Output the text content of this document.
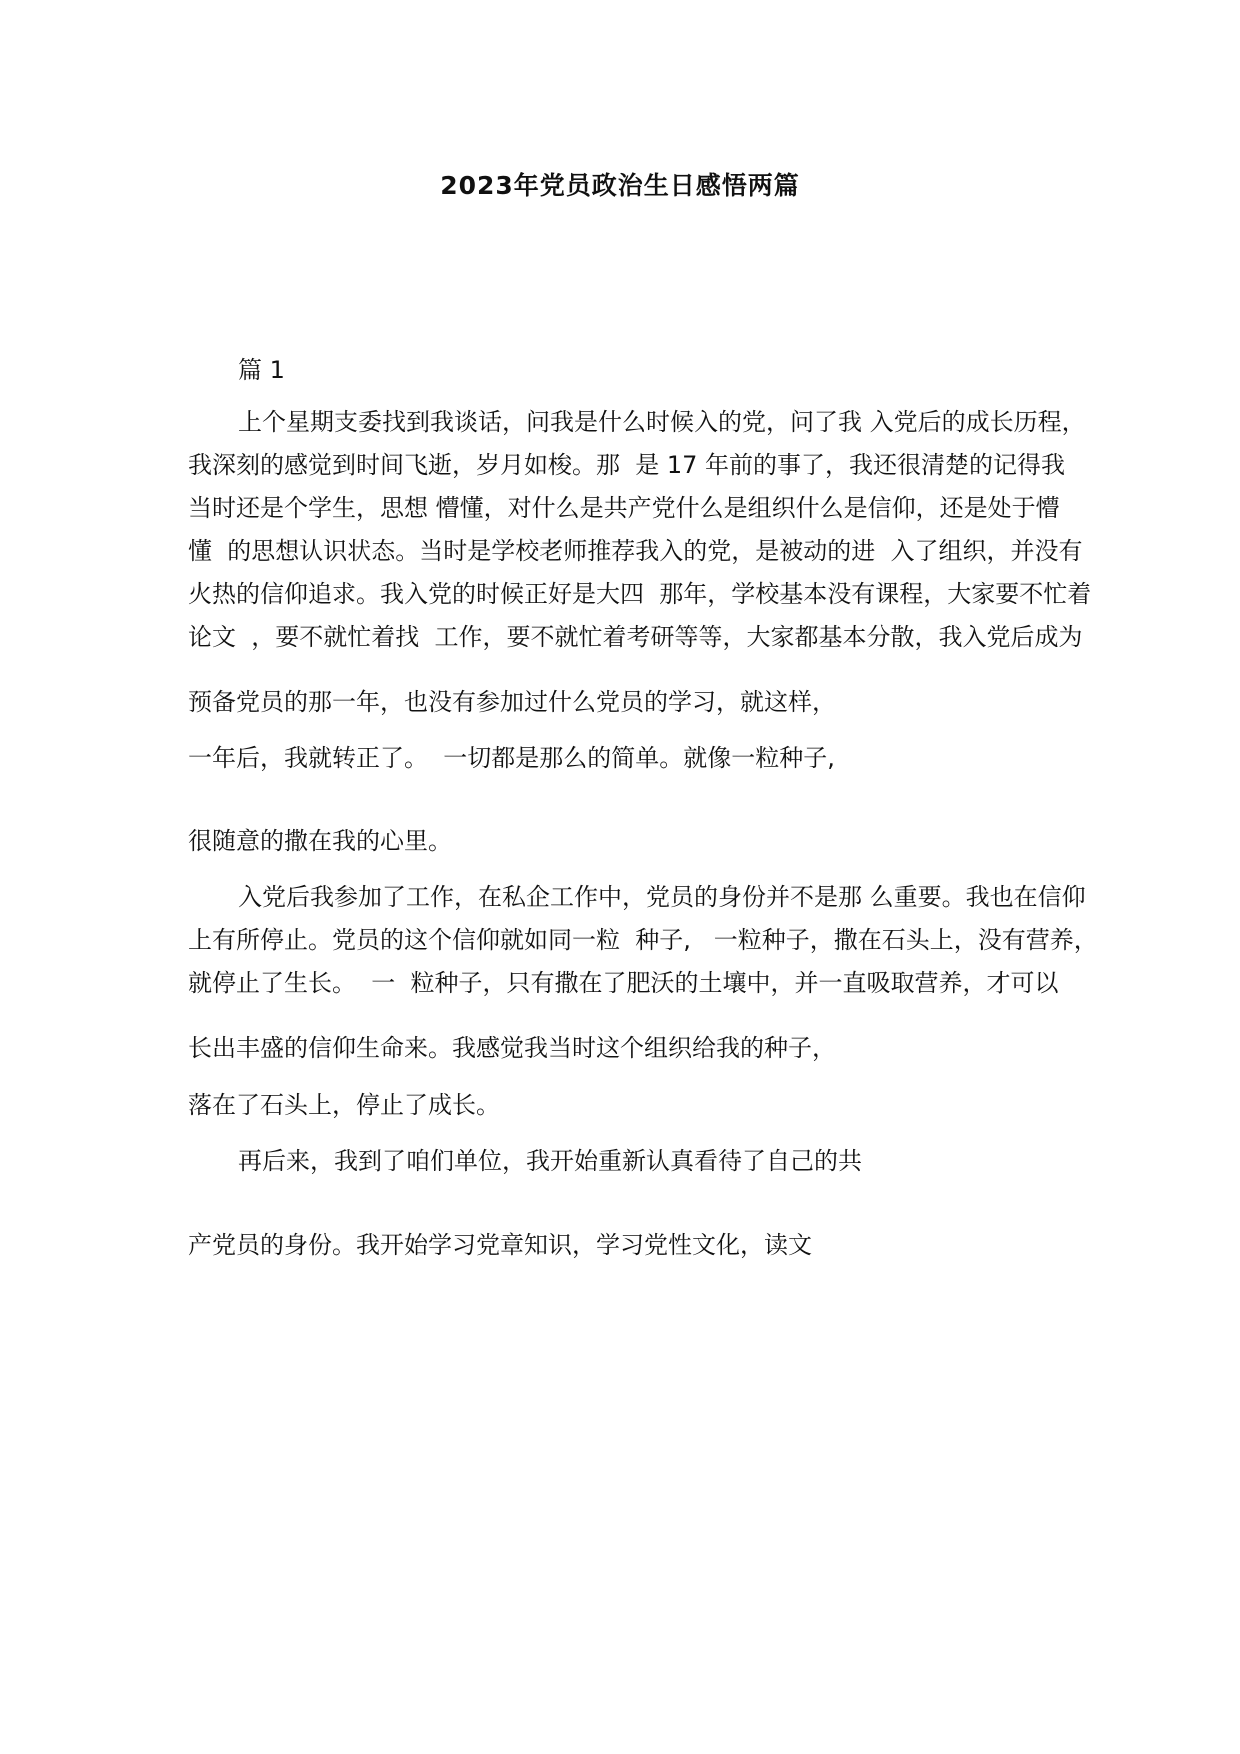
2023年党员政治生日感悟两篇
篇 1
上个星期支委找到我谈话，问我是什么时候入的党，问了我 入党后的成长历程，
我深刻的感觉到时间飞逝，岁月如梭。那  是 17 年前的事了，我还很清楚的记得我
当时还是个学生，思想 懵懂，对什么是共产党什么是组织什么是信仰，还是处于懵
懂  的思想认识状态。当时是学校老师推荐我入的党，是被动的进  入了组织，并没有
火热的信仰追求。我入党的时候正好是大四  那年，学校基本没有课程，大家要不忙着
论文  ，要不就忙着找  工作，要不就忙着考研等等，大家都基本分散，我入党后成为
预备党员的那一年，也没有参加过什么党员的学习，就这样，
一年后，我就转正了。  一切都是那么的简单。就像一粒种子,
很随意的撒在我的心里。
入党后我参加了工作，在私企工作中，党员的身份并不是那 么重要。我也在信仰
上有所停止。党员的这个信仰就如同一粒  种子,   一粒种子，撒在石头上，没有营养，
就停止了生长。  一  粒种子，只有撒在了肥沃的土壤中，并一直吸取营养，才可以
长出丰盛的信仰生命来。我感觉我当时这个组织给我的种子，
落在了石头上，停止了成长。
再后来，我到了咱们单位，我开始重新认真看待了自己的共
产党员的身份。我开始学习党章知识，学习党性文化，读文
